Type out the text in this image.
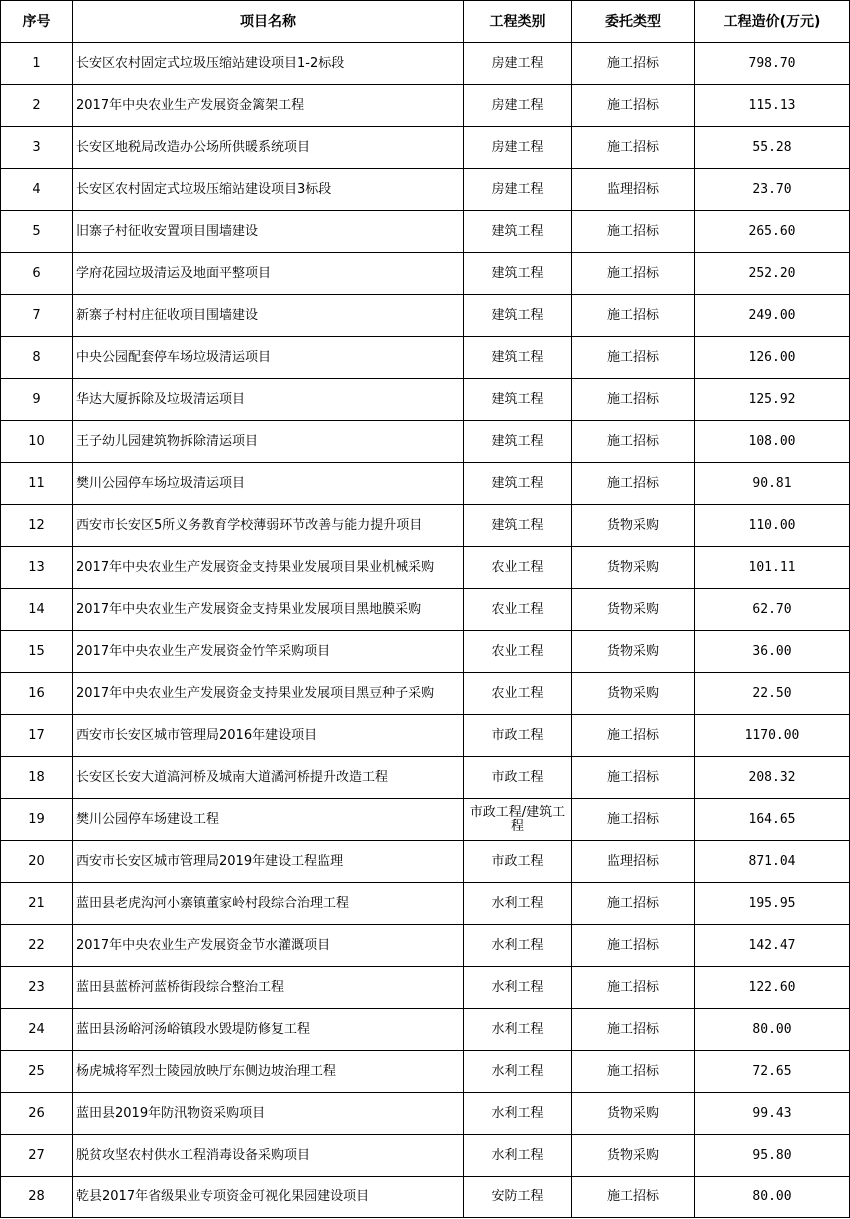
序号	项目名称	工程类别	委托类型	工程造价(万元)
1	长安区农村固定式垃圾压缩站建设项目1-2标段	房建工程	施工招标	798.70
2	2017年中央农业生产发展资金篱架工程	房建工程	施工招标	115.13
3	长安区地税局改造办公场所供暖系统项目	房建工程	施工招标	55.28
4	长安区农村固定式垃圾压缩站建设项目3标段	房建工程	监理招标	23.70
5	旧寨子村征收安置项目围墙建设	建筑工程	施工招标	265.60
6	学府花园垃圾清运及地面平整项目	建筑工程	施工招标	252.20
7	新寨子村村庄征收项目围墙建设	建筑工程	施工招标	249.00
8	中央公园配套停车场垃圾清运项目	建筑工程	施工招标	126.00
9	华达大厦拆除及垃圾清运项目	建筑工程	施工招标	125.92
10	王子幼儿园建筑物拆除清运项目	建筑工程	施工招标	108.00
11	樊川公园停车场垃圾清运项目	建筑工程	施工招标	90.81
12	西安市长安区5所义务教育学校薄弱环节改善与能力提升项目	建筑工程	货物采购	110.00
13	2017年中央农业生产发展资金支持果业发展项目果业机械采购	农业工程	货物采购	101.11
14	2017年中央农业生产发展资金支持果业发展项目黑地膜采购	农业工程	货物采购	62.70
15	2017年中央农业生产发展资金竹竿采购项目	农业工程	货物采购	36.00
16	2017年中央农业生产发展资金支持果业发展项目黑豆种子采购	农业工程	货物采购	22.50
17	西安市长安区城市管理局2016年建设项目	市政工程	施工招标	1170.00
18	长安区长安大道滈河桥及城南大道潏河桥提升改造工程	市政工程	施工招标	208.32
19	樊川公园停车场建设工程	市政工程/建筑工程	施工招标	164.65
20	西安市长安区城市管理局2019年建设工程监理	市政工程	监理招标	871.04
21	蓝田县老虎沟河小寨镇董家岭村段综合治理工程	水利工程	施工招标	195.95
22	2017年中央农业生产发展资金节水灌溉项目	水利工程	施工招标	142.47
23	蓝田县蓝桥河蓝桥街段综合整治工程	水利工程	施工招标	122.60
24	蓝田县汤峪河汤峪镇段水毁堤防修复工程	水利工程	施工招标	80.00
25	杨虎城将军烈士陵园放映厅东侧边坡治理工程	水利工程	施工招标	72.65
26	蓝田县2019年防汛物资采购项目	水利工程	货物采购	99.43
27	脱贫攻坚农村供水工程消毒设备采购项目	水利工程	货物采购	95.80
28	乾县2017年省级果业专项资金可视化果园建设项目	安防工程	施工招标	80.00
